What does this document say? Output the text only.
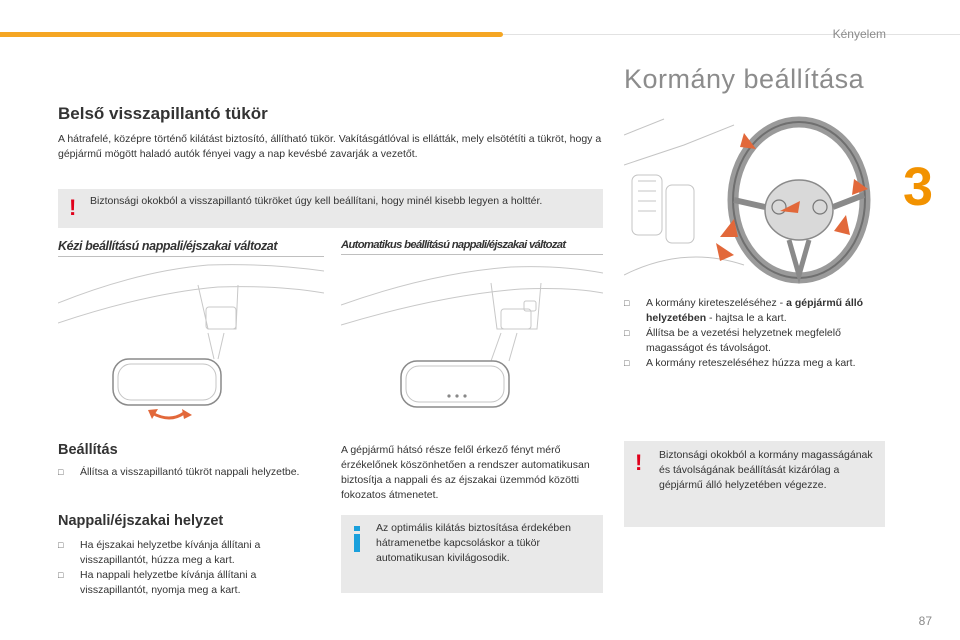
Kényelem
3
Kormány beállítása
Belső visszapillantó tükör
A hátrafelé, középre történő kilátást biztosító, állítható tükör. Vakításgátlóval is ellátták, mely elsötétíti a tükröt, hogy a gépjármű mögött haladó autók fényei vagy a nap kevésbé zavarják a vezetőt.
! Biztonsági okokból a visszapillantó tükröket úgy kell beállítani, hogy minél kisebb legyen a holttér.
Kézi beállítású nappali/éjszakai változat	Automatikus beállítású nappali/éjszakai változat
Beállítás
□	Állítsa a visszapillantó tükröt nappali helyzetbe.
Nappali/éjszakai helyzet
□	Ha éjszakai helyzetbe kívánja állítani a visszapillantót, húzza meg a kart.
□	Ha nappali helyzetbe kívánja állítani a visszapillantót, nyomja meg a kart.
A gépjármű hátsó része felől érkező fényt mérő érzékelőnek köszönhetően a rendszer automatikusan biztosítja a nappali és az éjszakai üzemmód közötti fokozatos átmenetet.
Az optimális kilátás biztosítása érdekében hátramenetbe kapcsoláskor a tükör automatikusan kivilágosodik.
□	A kormány kireteszeléséhez - a gépjármű álló helyzetében - hajtsa le a kart.
□	Állítsa be a vezetési helyzetnek megfelelő magasságot és távolságot.
□	A kormány reteszeléséhez húzza meg a kart.
! Biztonsági okokból a kormány magasságának és távolságának beállítását kizárólag a gépjármű álló helyzetében végezze.
87
